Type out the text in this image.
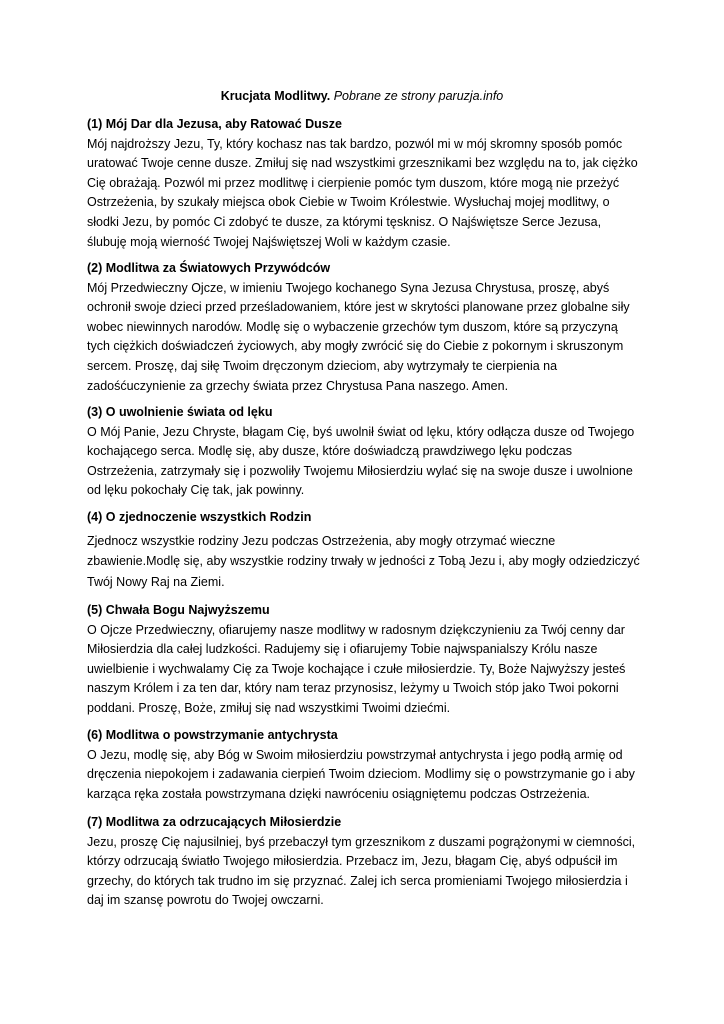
Krucjata Modlitwy. Pobrane ze strony paruzja.info
(1) Mój Dar dla Jezusa, aby Ratować Dusze

Mój najdroższy Jezu, Ty, który kochasz nas tak bardzo, pozwól mi w mój skromny sposób pomóc uratować Twoje cenne dusze. Zmiłuj się nad wszystkimi grzesznikami bez względu na to, jak ciężko Cię obrażają. Pozwól mi przez modlitwę i cierpienie pomóc tym duszom, które mogą nie przeżyć Ostrzeżenia, by szukały miejsca obok Ciebie w Twoim Królestwie. Wysłuchaj mojej modlitwy, o słodki Jezu, by pomóc Ci zdobyć te dusze, za którymi tęsknisz. O Najświętsze Serce Jezusa, ślubuję moją wierność Twojej Najświętszej Woli w każdym czasie.

(2) Modlitwa za Światowych Przywódców

Mój Przedwieczny Ojcze, w imieniu Twojego kochanego Syna Jezusa Chrystusa, proszę, abyś ochronił swoje dzieci przed prześladowaniem, które jest w skrytości planowane przez globalne siły wobec niewinnych narodów. Modlę się o wybaczenie grzechów tym duszom, które są przyczyną tych ciężkich doświadczeń życiowych, aby mogły zwrócić się do Ciebie z pokornym i skruszonym sercem. Proszę, daj siłę Twoim dręczonym dzieciom, aby wytrzymały te cierpienia na zadośćuczynienie za grzechy świata przez Chrystusa Pana naszego. Amen.

(3) O uwolnienie świata od lęku

O Mój Panie, Jezu Chryste, błagam Cię, byś uwolnił świat od lęku, który odłącza dusze od Twojego kochającego serca. Modlę się, aby dusze, które doświadczą prawdziwego lęku podczas Ostrzeżenia, zatrzymały się i pozwoliły Twojemu Miłosierdziu wylać się na swoje dusze i uwolnione od lęku pokochały Cię tak, jak powinny.

(4) O zjednoczenie wszystkich Rodzin

Zjednocz wszystkie rodziny Jezu podczas Ostrzeżenia, aby mogły otrzymać wieczne zbawienie.Modlę się, aby wszystkie rodziny trwały w jedności z Tobą Jezu i, aby mogły odziedziczyć Twój Nowy Raj na Ziemi.

(5) Chwała Bogu Najwyższemu

O Ojcze Przedwieczny, ofiarujemy nasze modlitwy w radosnym dziękczynieniu za Twój cenny dar Miłosierdzia dla całej ludzkości. Radujemy się i ofiarujemy Tobie najwspanialszy Królu nasze uwielbienie i wychwalamy Cię za Twoje kochające i czułe miłosierdzie. Ty, Boże Najwyższy jesteś naszym Królem i za ten dar, który nam teraz przynosisz, leżymy u Twoich stóp jako Twoi pokorni poddani. Proszę, Boże, zmiłuj się nad wszystkimi Twoimi dziećmi.

(6) Modlitwa o powstrzymanie antychrysta

O Jezu, modlę się, aby Bóg w Swoim miłosierdziu powstrzymał antychrysta i jego podłą armię od dręczenia niepokojem i zadawania cierpień Twoim dzieciom. Modlimy się o powstrzymanie go i aby karząca ręka została powstrzymana dzięki nawróceniu osiągniętemu podczas Ostrzeżenia.

(7) Modlitwa za odrzucających Miłosierdzie

Jezu, proszę Cię najusilniej, byś przebaczył tym grzesznikom z duszami pogrążonymi w ciemności, którzy odrzucają światło Twojego miłosierdzia. Przebacz im, Jezu, błagam Cię, abyś odpuścił im grzechy, do których tak trudno im się przyznać. Zalej ich serca promieniami Twojego miłosierdzia i daj im szansę powrotu do Twojej owczarni.
